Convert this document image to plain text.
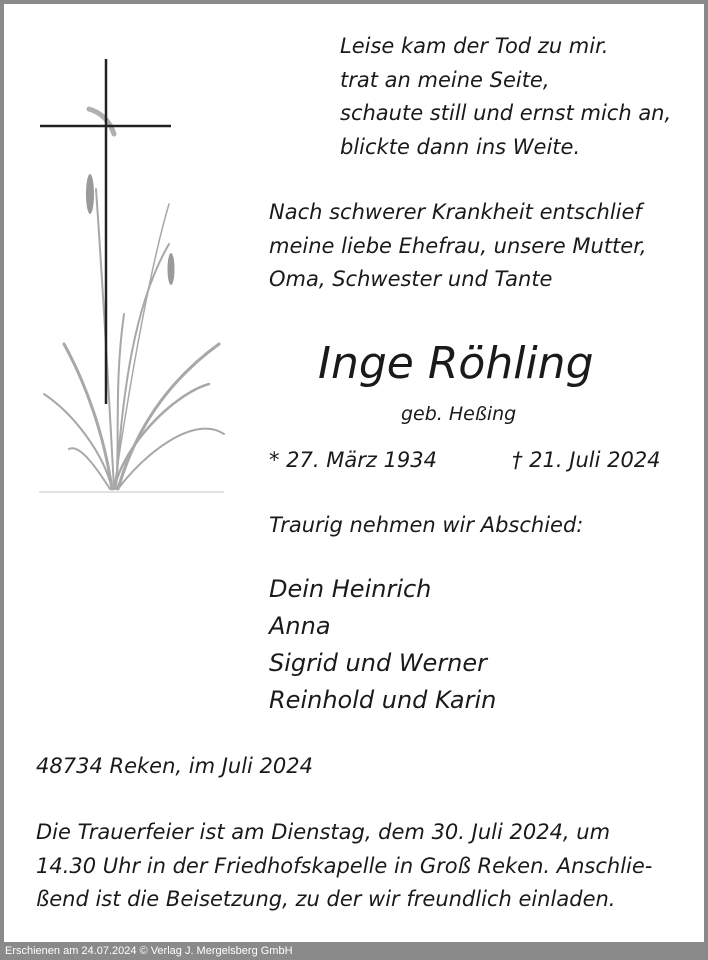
Leise kam der Tod zu mir.
trat an meine Seite,
schaute still und ernst mich an,
blickte dann ins Weite.
Nach schwerer Krankheit entschlief
meine liebe Ehefrau, unsere Mutter,
Oma, Schwester und Tante
Inge Röhling
geb. Heßing
* 27. März 1934	† 21. Juli 2024
Traurig nehmen wir Abschied:
Dein Heinrich
Anna
Sigrid und Werner
Reinhold und Karin
48734 Reken, im Juli 2024
Die Trauerfeier ist am Dienstag, dem 30. Juli 2024, um
14.30 Uhr in der Friedhofskapelle in Groß Reken. Anschlie-
ßend ist die Beisetzung, zu der wir freundlich einladen.
Erschienen am 24.07.2024 © Verlag J. Mergelsberg GmbH
